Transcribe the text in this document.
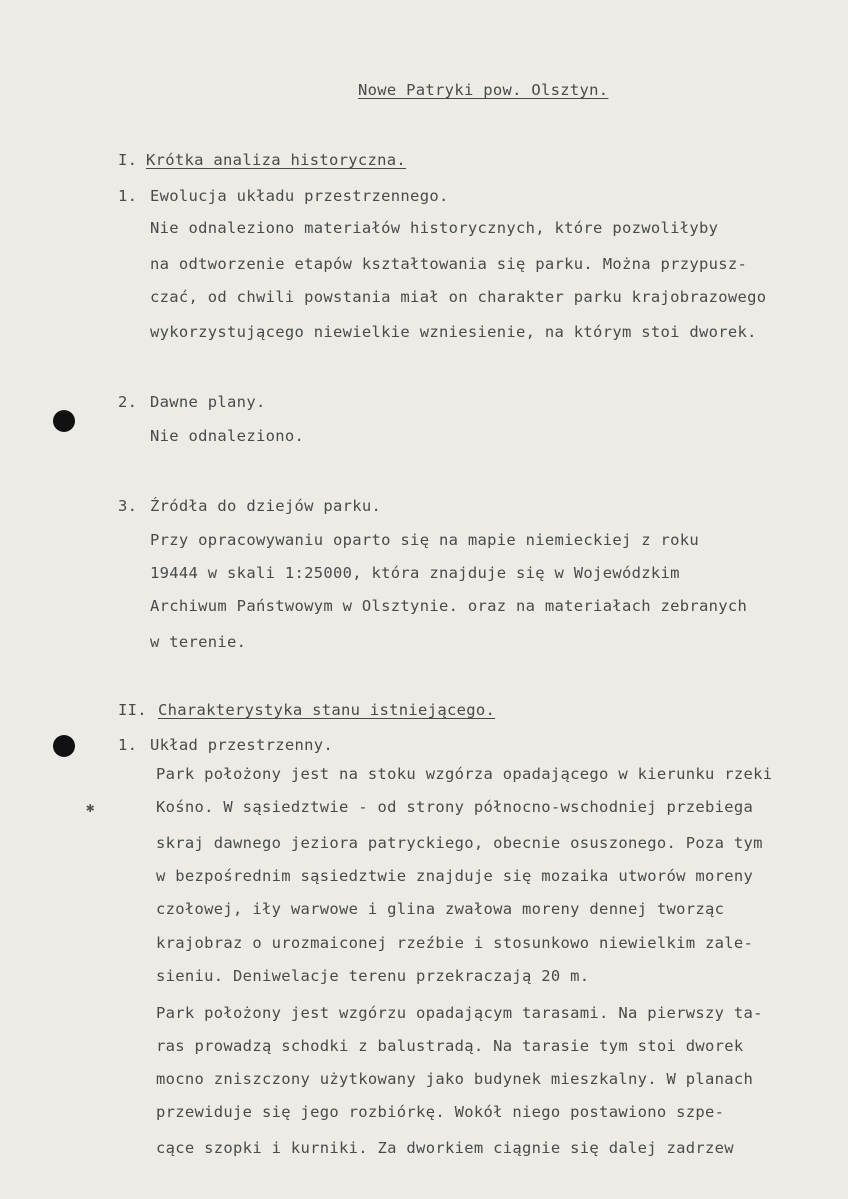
✱
Nowe Patryki pow. Olsztyn.
I. Krótka analiza historyczna.
1. Ewolucja układu przestrzennego.
Nie odnaleziono materiałów historycznych, które pozwoliłyby
na odtworzenie etapów kształtowania się parku. Można przypusz-
czać, od chwili powstania miał on charakter parku krajobrazowego
wykorzystującego niewielkie wzniesienie, na którym stoi dworek.
2. Dawne plany.
Nie odnaleziono.
3. Źródła do dziejów parku.
Przy opracowywaniu oparto się na mapie niemieckiej z roku
19444 w skali 1:25000, która znajduje się w Wojewódzkim
Archiwum Państwowym w Olsztynie. oraz na materiałach zebranych
w terenie.
II. Charakterystyka stanu istniejącego.
1. Układ przestrzenny.
Park położony jest na stoku wzgórza opadającego w kierunku rzeki
Kośno. W sąsiedztwie - od strony północno-wschodniej przebiega
skraj dawnego jeziora patryckiego, obecnie osuszonego. Poza tym
w bezpośrednim sąsiedztwie znajduje się mozaika utworów moreny
czołowej, iły warwowe i glina zwałowa moreny dennej tworząc
krajobraz o urozmaiconej rzeźbie i stosunkowo niewielkim zale-
sieniu. Deniwelacje terenu przekraczają 20 m.
Park położony jest wzgórzu opadającym tarasami. Na pierwszy ta-
ras prowadzą schodki z balustradą. Na tarasie tym stoi dworek
mocno zniszczony użytkowany jako budynek mieszkalny. W planach
przewiduje się jego rozbiórkę. Wokół niego postawiono szpe-
cące szopki i kurniki. Za dworkiem ciągnie się dalej zadrzew
